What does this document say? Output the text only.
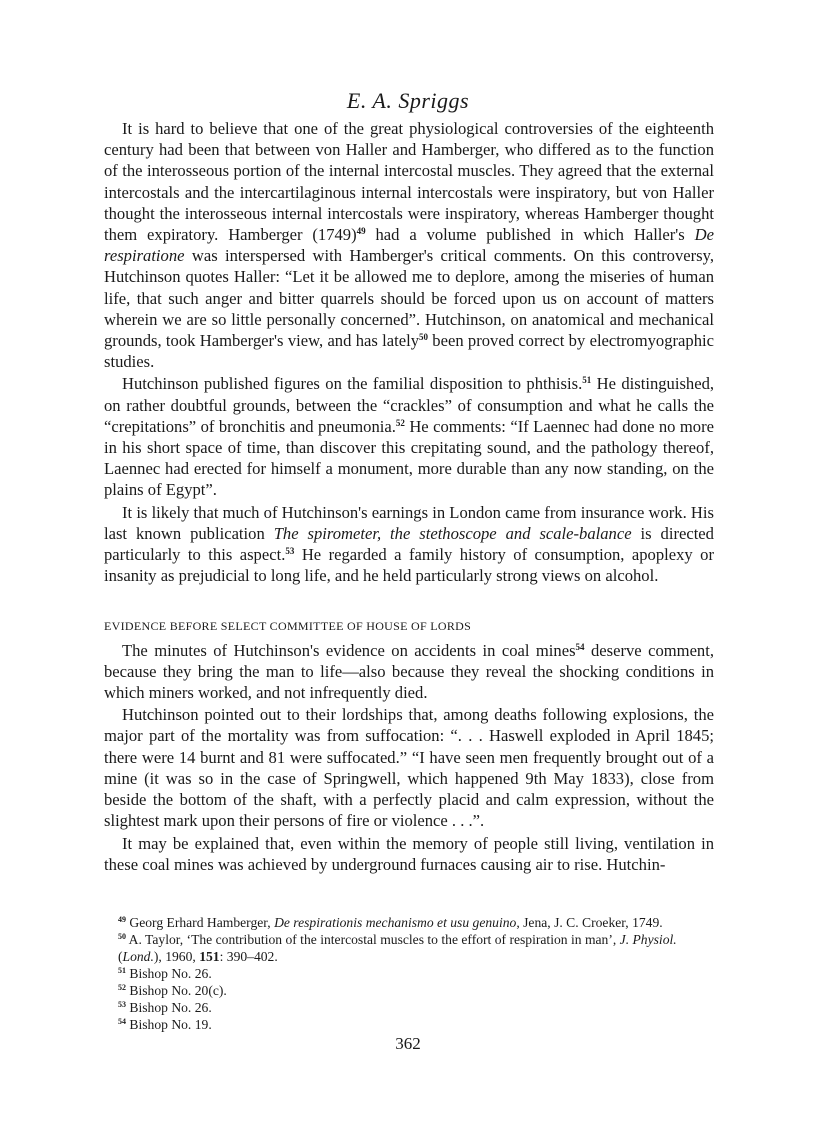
E. A. Spriggs

It is hard to believe that one of the great physiological controversies of the eighteenth century had been that between von Haller and Hamberger, who differed as to the function of the interosseous portion of the internal intercostal muscles. They agreed that the external intercostals and the intercartilaginous internal intercostals were inspiratory, but von Haller thought the interosseous internal intercostals were inspiratory, whereas Hamberger thought them expiratory. Hamberger $(1749)^{49}$ had a volume published in which Haller's De respiratione was interspersed with Hamberger's critical comments. On this controversy, Hutchinson quotes Haller: “Let it be allowed me to deplore, among the miseries of human life, that such anger and bitter quarrels should be forced upon us on account of matters wherein we are so little personally concerned”. Hutchinson, on anatomical and mechanical grounds, took Hamberger's view, and has lately$^{50}$ been proved correct by electromyographic studies.

Hutchinson published figures on the familial disposition to phthisis.$^{51}$ He distinguished, on rather doubtful grounds, between the “crackles” of consumption and what he calls the “crepitations” of bronchitis and pneumonia.$^{52}$ He comments: “If Laennec had done no more in his short space of time, than discover this crepitating sound, and the pathology thereof, Laennec had erected for himself a monument, more durable than any now standing, on the plains of Egypt”.

It is likely that much of Hutchinson's earnings in London came from insurance work. His last known publication The spirometer, the stethoscope and scale-balance is directed particularly to this aspect.$^{53}$ He regarded a family history of consumption, apoplexy or insanity as prejudicial to long life, and he held particularly strong views on alcohol.

EVIDENCE BEFORE SELECT COMMITTEE OF HOUSE OF LORDS

The minutes of Hutchinson's evidence on accidents in coal mines$^{54}$ deserve comment, because they bring the man to life—also because they reveal the shocking conditions in which miners worked, and not infrequently died.

Hutchinson pointed out to their lordships that, among deaths following explosions, the major part of the mortality was from suffocation: “. . . Haswell exploded in April 1845; there were 14 burnt and 81 were suffocated.” “I have seen men frequently brought out of a mine (it was so in the case of Springwell, which happened 9th May 1833), close from beside the bottom of the shaft, with a perfectly placid and calm expression, without the slightest mark upon their persons of fire or violence . . .”.

It may be explained that, even within the memory of people still living, ventilation in these coal mines was achieved by underground furnaces causing air to rise. Hutchin-

$^{49}$ Georg Erhard Hamberger, De respirationis mechanismo et usu genuino, Jena, J. C. Croeker, 1749.
$^{50}$ A. Taylor, ‘The contribution of the intercostal muscles to the effort of respiration in man’, J. Physiol. (Lond.), 1960, 151: 390–402.
$^{51}$ Bishop No. 26.
$^{52}$ Bishop No. 20(c).
$^{53}$ Bishop No. 26.
$^{54}$ Bishop No. 19.
362
